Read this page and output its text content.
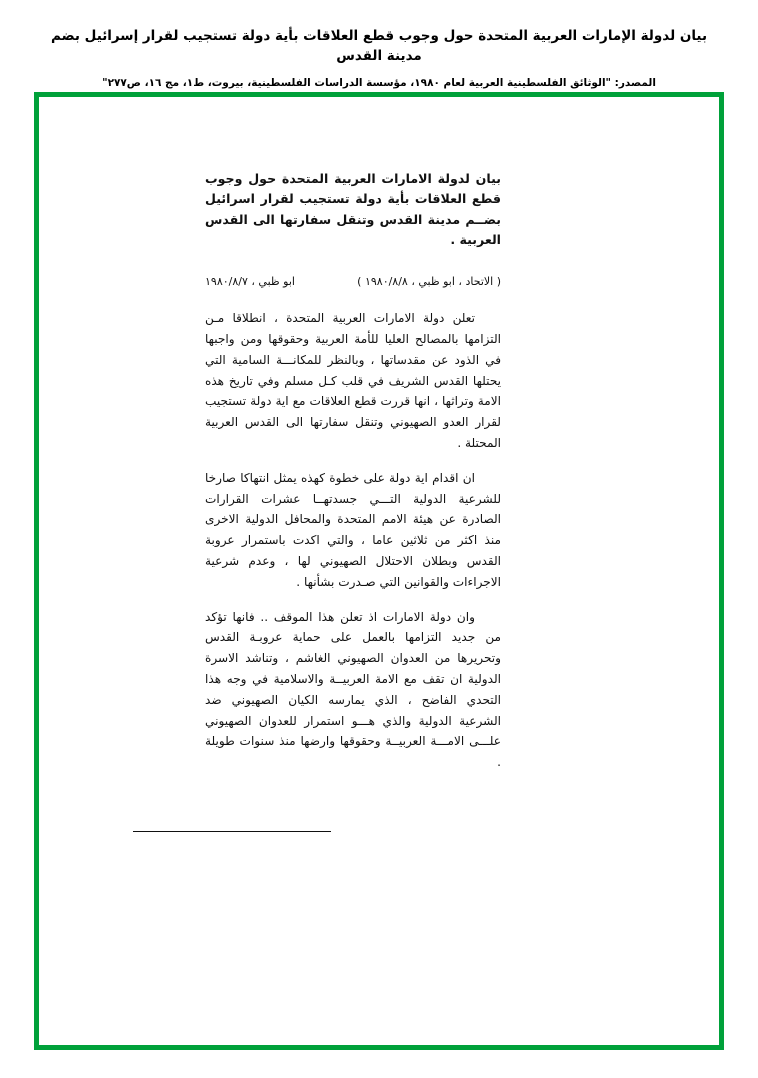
بيان لدولة الإمارات العربية المتحدة حول وجوب قطع العلاقات بأية دولة تستجيب لقرار إسرائيل بضم مدينة القدس
المصدر: "الوثائق الفلسطينية العربية لعام ١٩٨٠، مؤسسة الدراسات الفلسطينية، بيروت، ط١، مج ١٦، ص٢٧٧"
بيان لدولة الامارات العربية المتحدة حول وجوب قطع العلاقات بأية دولة تستجيب لقرار اسرائيل بضــم مدينة القدس وتنقل سفارتها الى القدس العربية .
( الاتحاد ، ابو ظبي ، ١٩٨٠/٨/٨ )
ابو ظبي ، ١٩٨٠/٨/٧

تعلن دولة الامارات العربية المتحدة ، انطلاقا مـن التزامها بالمصالح العليا للأمة العربية وحقوقها ومن واجبها في الذود عن مقدساتها ، وبالنظر للمكانـــة السامية التي يحتلها القدس الشريف في قلب كـل مسلم وفي تاريخ هذه الامة وتراثها ، انها قررت قطع العلاقات مع اية دولة تستجيب لقرار العدو الصهيوني وتنقل سفارتها الى القدس العربية المحتلة .

ان اقدام اية دولة على خطوة كهذه يمثل انتهاكا صارخا للشرعية الدولية التـــي جسدتهــا عشرات القرارات الصادرة عن هيئة الامم المتحدة والمحافل الدولية الاخرى منذ اكثر من ثلاثين عاما ، والتي اكدت باستمرار عروبة القدس وبطلان الاحتلال الصهيوني لها ، وعدم شرعية الاجراءات والقوانين التي صـدرت بشأنها .

وان دولة الامارات اذ تعلن هذا الموقف .. فانها تؤكد من جديد التزامها بالعمل على حماية عروبـة القدس وتحريرها من العدوان الصهيوني الغاشم ، وتناشد الاسرة الدولية ان تقف مع الامة العربيــة والاسلامية في وجه هذا التحدي الفاضح ، الذي يمارسه الكيان الصهيوني ضد الشرعية الدولية والذي هـــو استمرار للعدوان الصهيوني علـــى الامـــة العربيــة وحقوقها وارضها منذ سنوات طويلة .
